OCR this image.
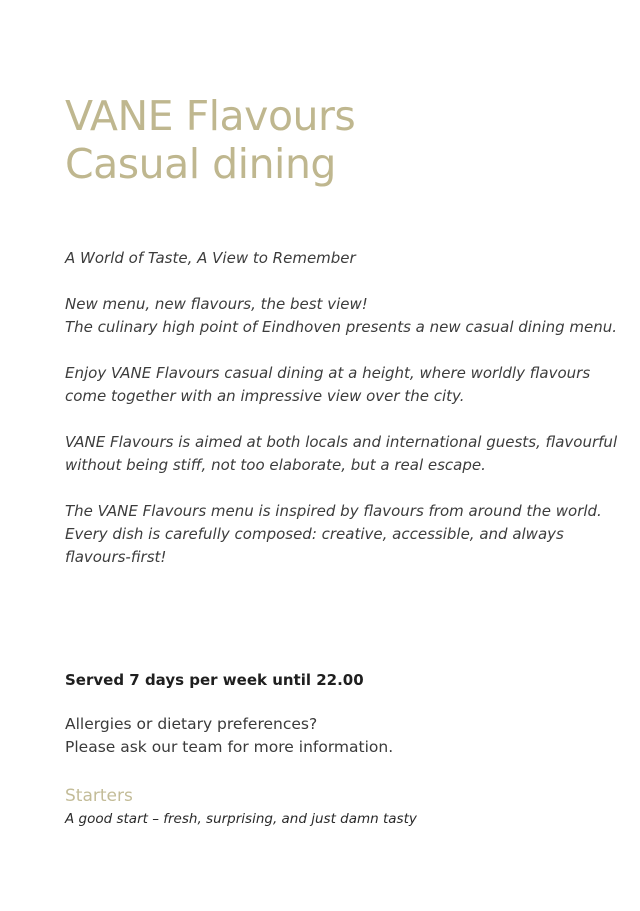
VANE Flavours
Casual dining

A World of Taste, A View to Remember

New menu, new flavours, the best view!
The culinary high point of Eindhoven presents a new casual dining menu.

Enjoy VANE Flavours casual dining at a height, where worldly flavours
come together with an impressive view over the city.

VANE Flavours is aimed at both locals and international guests, flavourful
without being stiff, not too elaborate, but a real escape.

The VANE Flavours menu is inspired by flavours from around the world.
Every dish is carefully composed: creative, accessible, and always
flavours-first!

Served 7 days per week until 22.00

Allergies or dietary preferences?
Please ask our team for more information.

Starters

A good start – fresh, surprising, and just damn tasty
